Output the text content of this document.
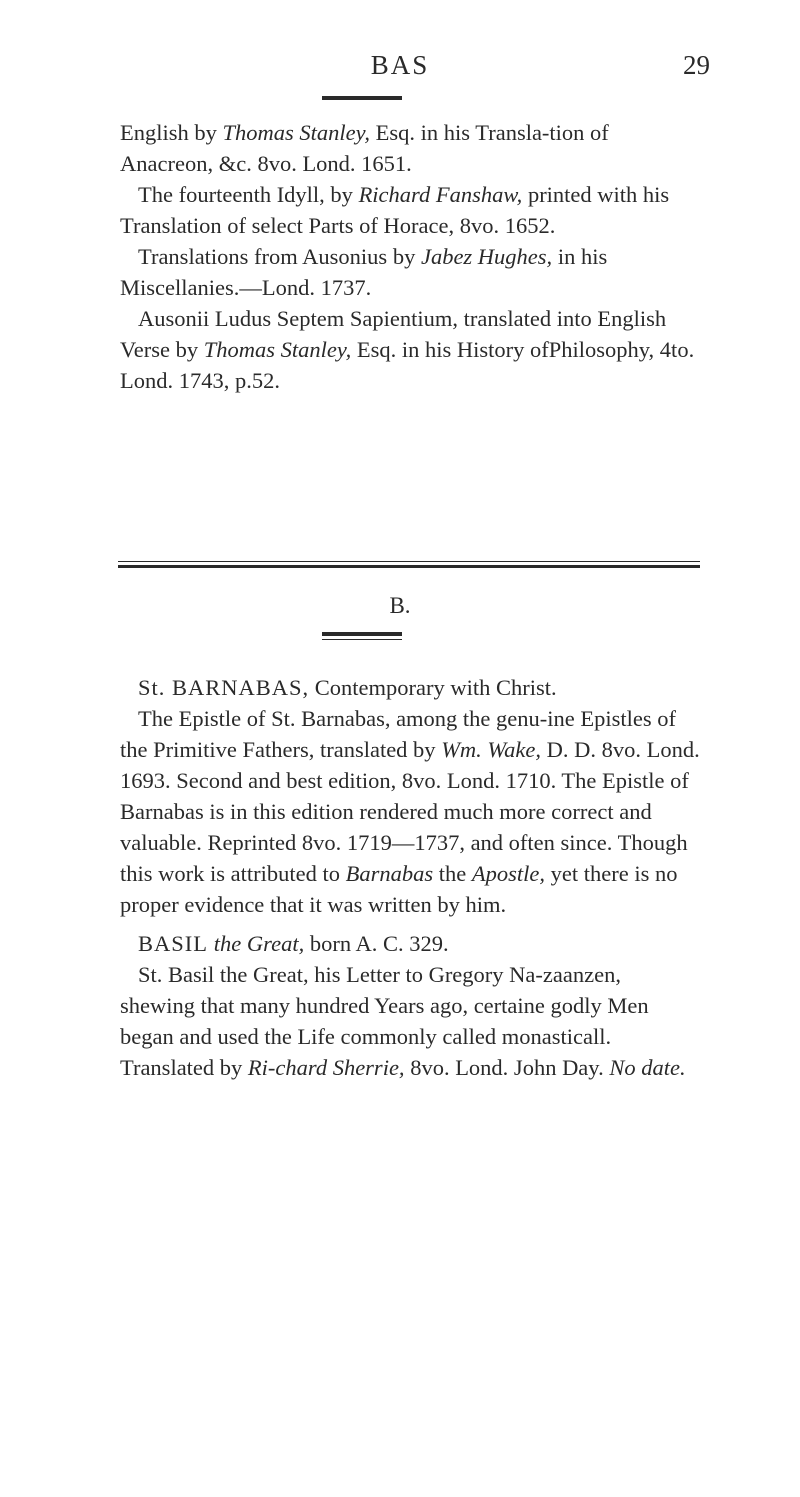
BAS	29

English by Thomas Stanley, Esq. in his Transla-tion of Anacreon, &c. 8vo. Lond. 1651.

The fourteenth Idyll, by Richard Fanshaw, printed with his Translation of select Parts of Horace, 8vo. 1652.

Translations from Ausonius by Jabez Hughes, in his Miscellanies.—Lond. 1737.

Ausonii Ludus Septem Sapientium, translated into English Verse by Thomas Stanley, Esq. in his History ofPhilosophy, 4to. Lond. 1743, p.52.

B.

St. BARNABAS, Contemporary with Christ.

The Epistle of St. Barnabas, among the genu-ine Epistles of the Primitive Fathers, translated by Wm. Wake, D. D. 8vo. Lond. 1693. Second and best edition, 8vo. Lond. 1710. The Epistle of Barnabas is in this edition rendered much more correct and valuable. Reprinted 8vo. 1719—1737, and often since. Though this work is attributed to Barnabas the Apostle, yet there is no proper evidence that it was written by him.

BASIL the Great, born A. C. 329.

St. Basil the Great, his Letter to Gregory Na-zaanzen, shewing that many hundred Years ago, certaine godly Men began and used the Life commonly called monasticall. Translated by Ri-chard Sherrie, 8vo. Lond. John Day. No date.
